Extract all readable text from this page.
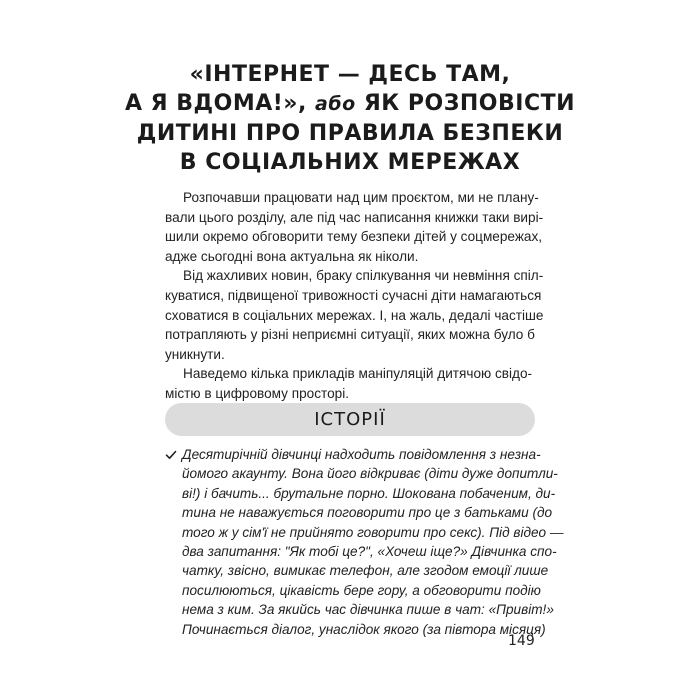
«ІНТЕРНЕТ — ДЕСЬ ТАМ,
А Я ВДОМА!», або ЯК РОЗПОВІСТИ
ДИТИНІ ПРО ПРАВИЛА БЕЗПЕКИ
В СОЦІАЛЬНИХ МЕРЕЖАХ

Розпочавши працювати над цим проєктом, ми не плану-
вали цього розділу, але під час написання книжки таки вирі-
шили окремо обговорити тему безпеки дітей у соцмережах,
адже сьогодні вона актуальна як ніколи.

Від жахливих новин, браку спілкування чи невміння спіл-
куватися, підвищеної тривожності сучасні діти намагаються
сховатися в соціальних мережах. І, на жаль, дедалі частіше
потрапляють у різні неприємні ситуації, яких можна було б
уникнути.

Наведемо кілька прикладів маніпуляцій дитячою свідо-
містю в цифровому просторі.

ІСТОРІЇ
Десятирічній дівчинці надходить повідомлення з незна-
йомого акаунту. Вона його відкриває (діти дуже допитли-
ві!) і бачить... брутальне порно. Шокована побаченим, ди-
тина не наважується поговорити про це з батьками (до
того ж у сім'ї не прийнято говорити про секс). Під відео —
два запитання: "Як тобі це?", «Хочеш іще?» Дівчинка спо-
чатку, звісно, вимикає телефон, але згодом емоції лише
посилюються, цікавість бере гору, а обговорити подію
нема з ким. За якийсь час дівчинка пише в чат: «Привіт!»
Починається діалог, унаслідок якого (за півтора місяця)
149
